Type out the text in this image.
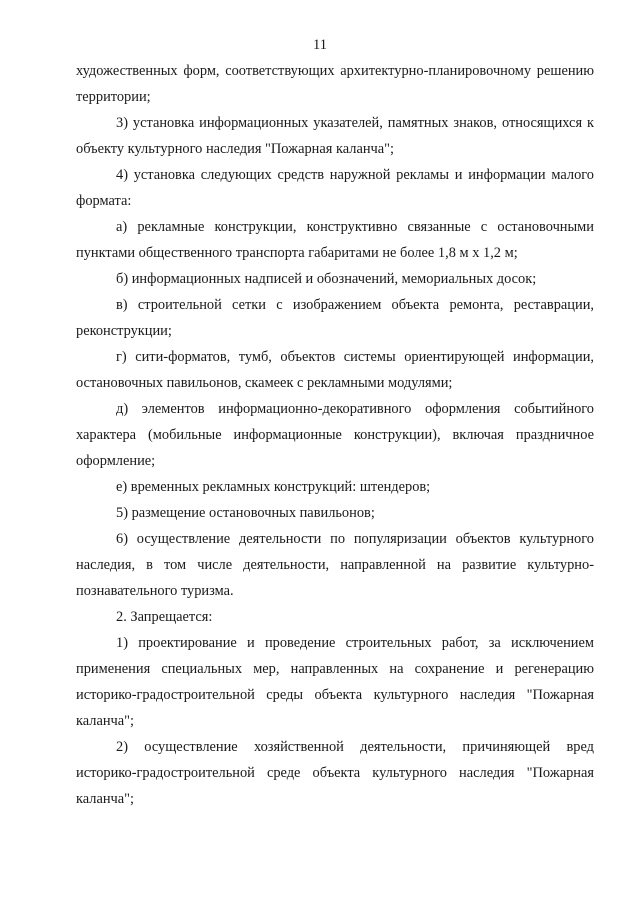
11

художественных форм, соответствующих архитектурно-планировочному решению территории;

3) установка информационных указателей, памятных знаков, относящихся к объекту культурного наследия "Пожарная каланча";

4) установка следующих средств наружной рекламы и информации малого формата:

а) рекламные конструкции, конструктивно связанные с остановочными пунктами общественного транспорта габаритами не более 1,8 м х 1,2 м;

б) информационных надписей и обозначений, мемориальных досок;

в) строительной сетки с изображением объекта ремонта, реставрации, реконструкции;

г) сити-форматов, тумб, объектов системы ориентирующей информации, остановочных павильонов, скамеек с рекламными модулями;

д) элементов информационно-декоративного оформления событийного характера (мобильные информационные конструкции), включая праздничное оформление;

е) временных рекламных конструкций: штендеров;

5) размещение остановочных павильонов;

6) осуществление деятельности по популяризации объектов культурного наследия, в том числе деятельности, направленной на развитие культурно-познавательного туризма.

2. Запрещается:

1) проектирование и проведение строительных работ, за исключением применения специальных мер, направленных на сохранение и регенерацию историко-градостроительной среды объекта культурного наследия "Пожарная каланча";

2) осуществление хозяйственной деятельности, причиняющей вред историко-градостроительной среде объекта культурного наследия "Пожарная каланча";
